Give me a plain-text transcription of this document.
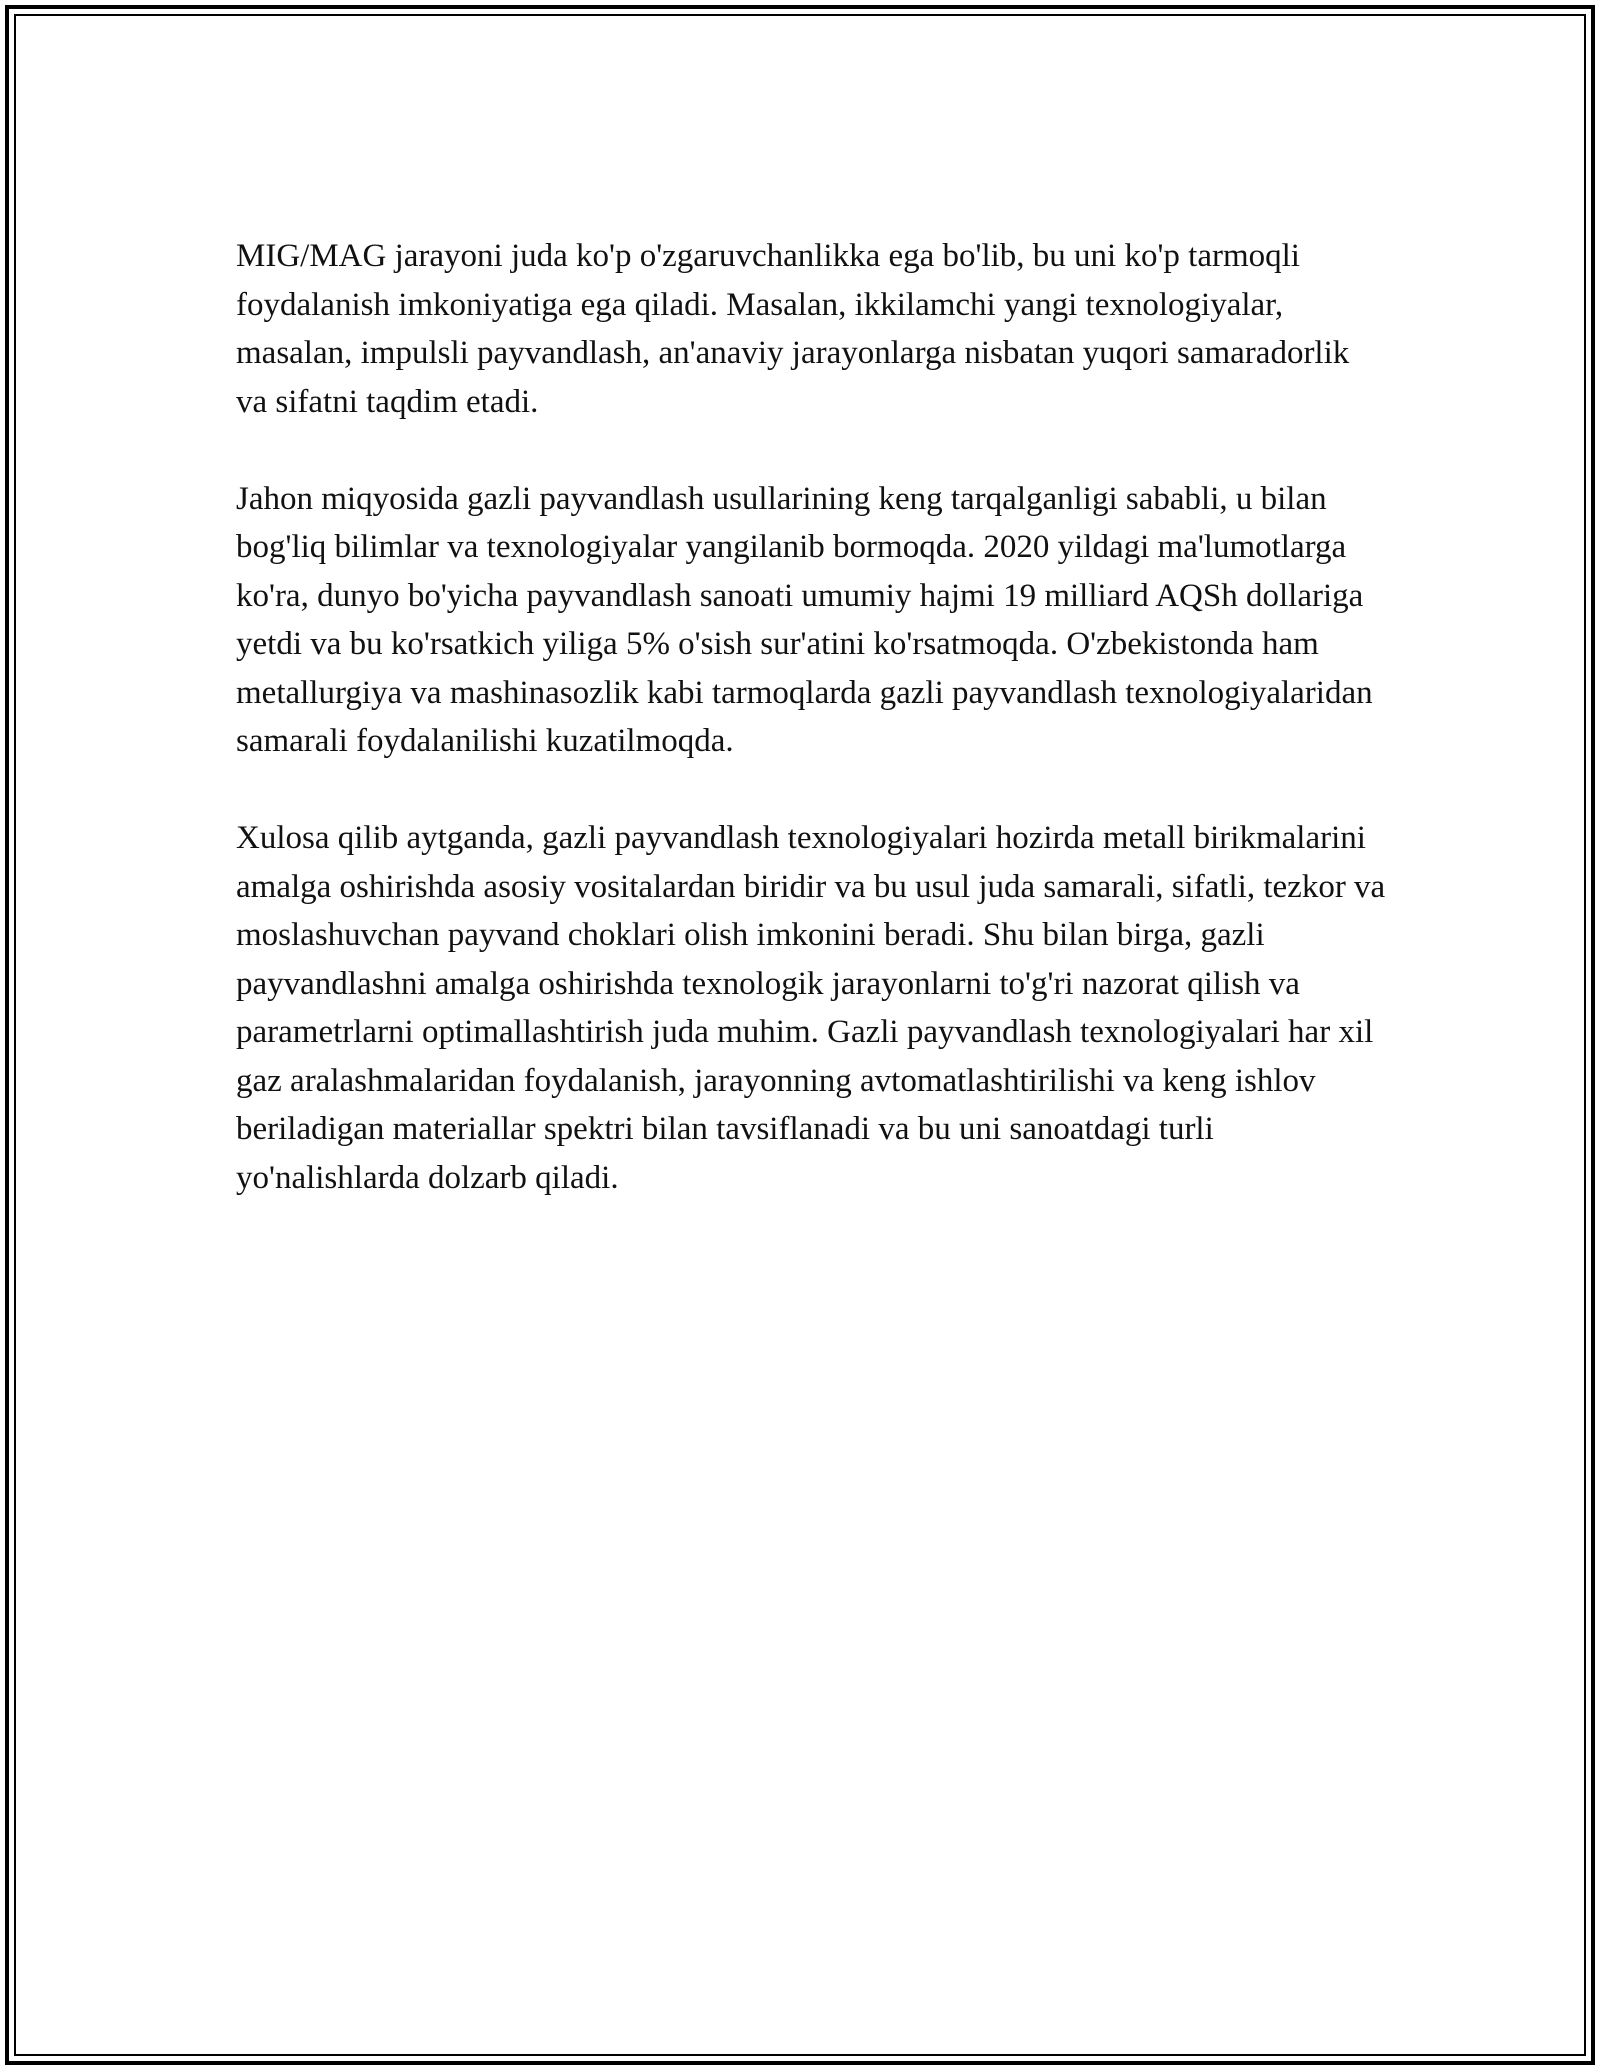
MIG/MAG jarayoni juda ko'p o'zgaruvchanlikka ega bo'lib, bu uni ko'p tarmoqli foydalanish imkoniyatiga ega qiladi. Masalan, ikkilamchi yangi texnologiyalar, masalan, impulsli payvandlash, an'anaviy jarayonlarga nisbatan yuqori samaradorlik va sifatni taqdim etadi.

Jahon miqyosida gazli payvandlash usullarining keng tarqalganligi sababli, u bilan bog'liq bilimlar va texnologiyalar yangilanib bormoqda. 2020 yildagi ma'lumotlarga ko'ra, dunyo bo'yicha payvandlash sanoati umumiy hajmi 19 milliard AQSh dollariga yetdi va bu ko'rsatkich yiliga 5% o'sish sur'atini ko'rsatmoqda. O'zbekistonda ham metallurgiya va mashinasozlik kabi tarmoqlarda gazli payvandlash texnologiyalaridan samarali foydalanilishi kuzatilmoqda.

Xulosa qilib aytganda, gazli payvandlash texnologiyalari hozirda metall birikmalarini amalga oshirishda asosiy vositalardan biridir va bu usul juda samarali, sifatli, tezkor va moslashuvchan payvand choklari olish imkonini beradi. Shu bilan birga, gazli payvandlashni amalga oshirishda texnologik jarayonlarni to'g'ri nazorat qilish va parametrlarni optimallashtirish juda muhim. Gazli payvandlash texnologiyalari har xil gaz aralashmalaridan foydalanish, jarayonning avtomatlashtirilishi va keng ishlov beriladigan materiallar spektri bilan tavsiflanadi va bu uni sanoatdagi turli yo'nalishlarda dolzarb qiladi.
